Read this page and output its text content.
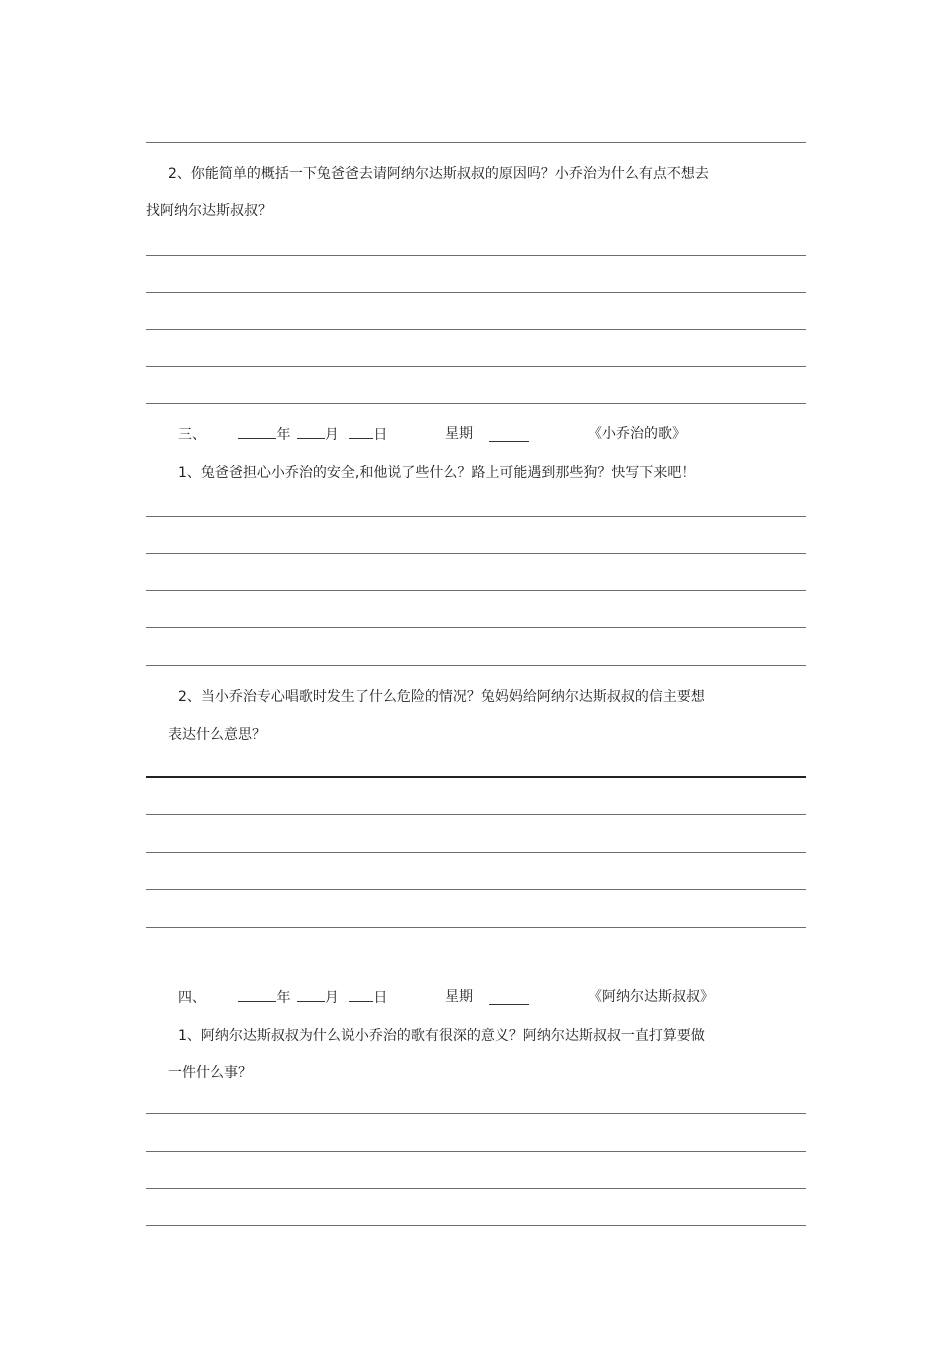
2、你能简单的概括一下兔爸爸去请阿纳尔达斯叔叔的原因吗？小乔治为什么有点不想去
找阿纳尔达斯叔叔？
三、	年 月 日	星期	《小乔治的歌》
1、兔爸爸担心小乔治的安全,和他说了些什么？路上可能遇到那些狗？快写下来吧！
2、当小乔治专心唱歌时发生了什么危险的情况？兔妈妈给阿纳尔达斯叔叔的信主要想
表达什么意思？
四、	年 月 日	星期	《阿纳尔达斯叔叔》
1、阿纳尔达斯叔叔为什么说小乔治的歌有很深的意义？阿纳尔达斯叔叔一直打算要做
一件什么事？
